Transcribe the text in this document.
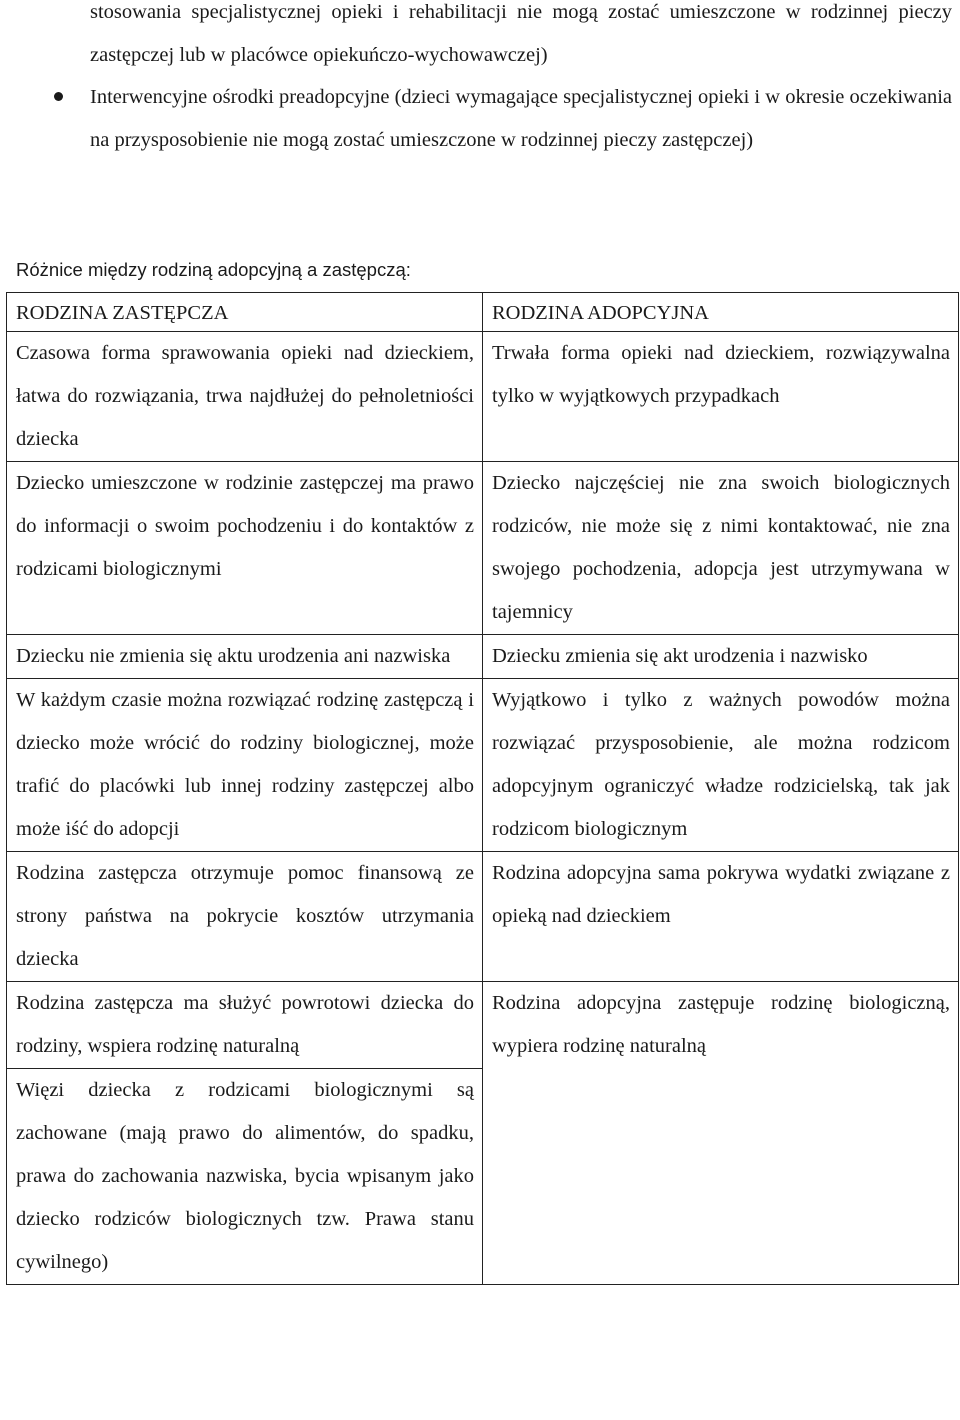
stosowania specjalistycznej opieki i rehabilitacji nie mogą zostać umieszczone w rodzinnej pieczy zastępczej lub w placówce opiekuńczo-wychowawczej)
Interwencyjne ośrodki preadopcyjne (dzieci wymagające specjalistycznej opieki i w okresie oczekiwania na przysposobienie nie mogą zostać umieszczone w rodzinnej pieczy zastępczej)
Różnice między rodziną adopcyjną a zastępczą:
RODZINA ZASTĘPCZA	RODZINA ADOPCYJNA

Czasowa forma sprawowania opieki nad dzieckiem, łatwa do rozwiązania, trwa najdłużej do pełnoletniości dziecka	Trwała forma opieki nad dzieckiem, rozwiązywalna tylko w wyjątkowych przypadkach

Dziecko umieszczone w rodzinie zastępczej ma prawo do informacji o swoim pochodzeniu i do kontaktów z rodzicami biologicznymi	Dziecko najczęściej nie zna swoich biologicznych rodziców, nie może się z nimi kontaktować, nie zna swojego pochodzenia, adopcja jest utrzymywana w tajemnicy

Dziecku nie zmienia się aktu urodzenia ani nazwiska	Dziecku zmienia się akt urodzenia i nazwisko

W każdym czasie można rozwiązać rodzinę zastępczą i dziecko może wrócić do rodziny biologicznej, może trafić do placówki lub innej rodziny zastępczej albo może iść do adopcji	Wyjątkowo i tylko z ważnych powodów można rozwiązać przysposobienie, ale można rodzicom adopcyjnym ograniczyć władze rodzicielską, tak jak rodzicom biologicznym

Rodzina zastępcza otrzymuje pomoc finansową ze strony państwa na pokrycie kosztów utrzymania dziecka	Rodzina adopcyjna sama pokrywa wydatki związane z opieką nad dzieckiem

Rodzina zastępcza ma służyć powrotowi dziecka do rodziny, wspiera rodzinę naturalną	Rodzina adopcyjna zastępuje rodzinę biologiczną, wypiera rodzinę naturalną

Więzi dziecka z rodzicami biologicznymi są zachowane (mają prawo do alimentów, do spadku, prawa do zachowania nazwiska, bycia wpisanym jako dziecko rodziców biologicznych tzw. Prawa stanu cywilnego)	
